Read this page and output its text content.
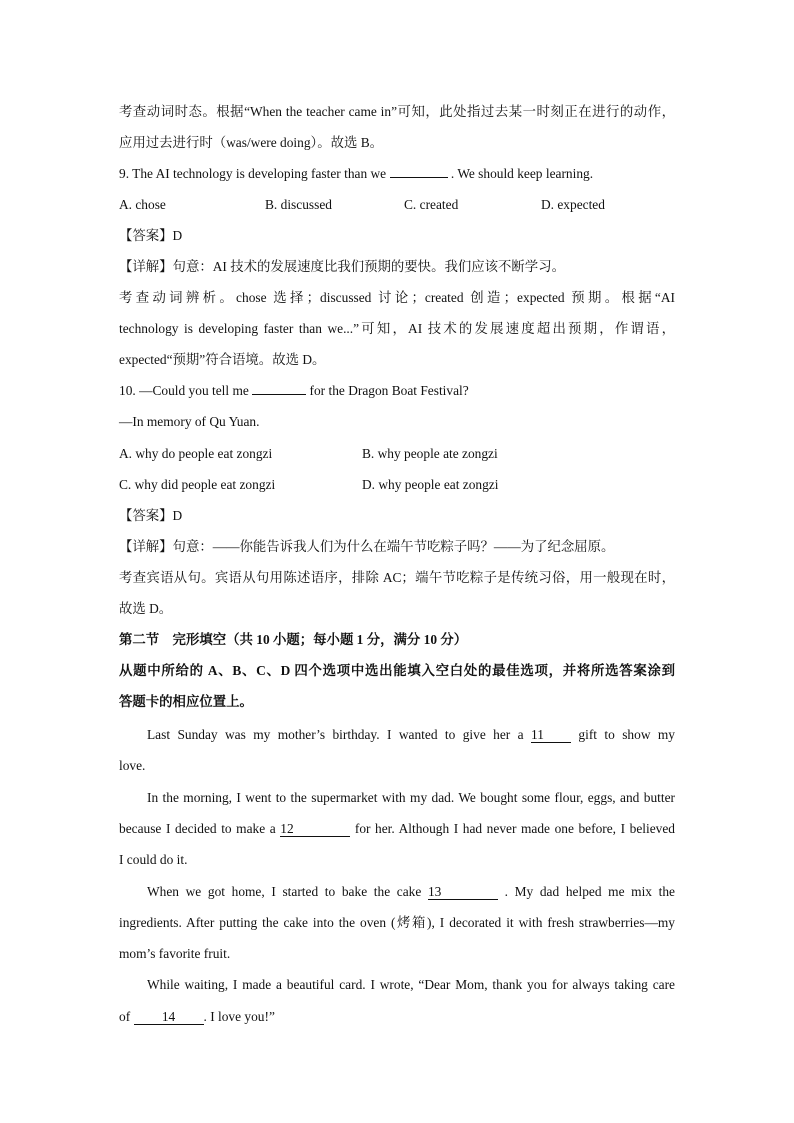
考查动词时态。根据“When the teacher came in”可知，此处指过去某一时刻正在进行的动作，
应用过去进行时（was/were doing）。故选 B。
9. The AI technology is developing faster than we	. We should keep learning.
A. chose	B. discussed	C. created	D. expected
【答案】D
【详解】句意：AI 技术的发展速度比我们预期的要快。我们应该不断学习。
考查动词辨析。chose 选择；discussed 讨论；created 创造；expected 预期。根据“AI
technology is developing faster than we...”可知，AI 技术的发展速度超出预期，作谓语，
expected“预期”符合语境。故选 D。
10. —Could you tell me	for the Dragon Boat Festival?
—In memory of Qu Yuan.
A. why do people eat zongzi	B. why people ate zongzi
C. why did people eat zongzi	D. why people eat zongzi
【答案】D
【详解】句意：——你能告诉我人们为什么在端午节吃粽子吗？——为了纪念屈原。
考查宾语从句。宾语从句用陈述语序，排除 AC；端午节吃粽子是传统习俗，用一般现在时，
故选 D。
第二节　完形填空（共 10 小题；每小题 1 分，满分 10 分）
从题中所给的 A、B、C、D 四个选项中选出能填入空白处的最佳选项，并将所选答案涂到
答题卡的相应位置上。
Last Sunday was my mother’s birthday. I wanted to give her a 11	gift to show my
love.
In the morning, I went to the supermarket with my dad. We bought some flour, eggs, and butter
because I decided to make a 12	for her. Although I had never made one before, I believed
I could do it.
When we got home, I started to bake the cake 13	. My dad helped me mix the
ingredients. After putting the cake into the oven (烤箱), I decorated it with fresh strawberries—my
mom’s favorite fruit.
While waiting, I made a beautiful card. I wrote, “Dear Mom, thank you for always taking care
of 14 . I love you!”
